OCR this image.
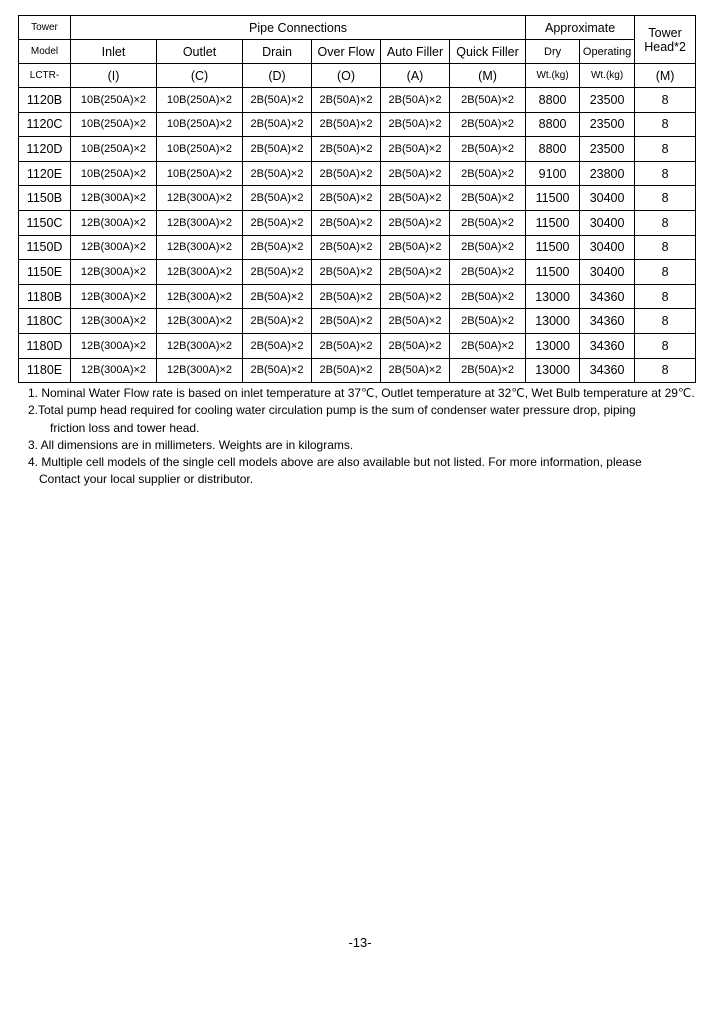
Tower	Pipe Connections						Approximate		Tower
Head*2
Model	Inlet	Outlet	Drain	Over Flow	Auto Filler	Quick Filler	Dry	Operating	
LCTR-	(I)	(C)	(D)	(O)	(A)	(M)	Wt.(kg)	Wt.(kg)	(M)
1120B	10B(250A)×2	10B(250A)×2	2B(50A)×2	2B(50A)×2	2B(50A)×2	2B(50A)×2	8800	23500	8
1120C	10B(250A)×2	10B(250A)×2	2B(50A)×2	2B(50A)×2	2B(50A)×2	2B(50A)×2	8800	23500	8
1120D	10B(250A)×2	10B(250A)×2	2B(50A)×2	2B(50A)×2	2B(50A)×2	2B(50A)×2	8800	23500	8
1120E	10B(250A)×2	10B(250A)×2	2B(50A)×2	2B(50A)×2	2B(50A)×2	2B(50A)×2	9100	23800	8
1150B	12B(300A)×2	12B(300A)×2	2B(50A)×2	2B(50A)×2	2B(50A)×2	2B(50A)×2	11500	30400	8
1150C	12B(300A)×2	12B(300A)×2	2B(50A)×2	2B(50A)×2	2B(50A)×2	2B(50A)×2	11500	30400	8
1150D	12B(300A)×2	12B(300A)×2	2B(50A)×2	2B(50A)×2	2B(50A)×2	2B(50A)×2	11500	30400	8
1150E	12B(300A)×2	12B(300A)×2	2B(50A)×2	2B(50A)×2	2B(50A)×2	2B(50A)×2	11500	30400	8
1180B	12B(300A)×2	12B(300A)×2	2B(50A)×2	2B(50A)×2	2B(50A)×2	2B(50A)×2	13000	34360	8
1180C	12B(300A)×2	12B(300A)×2	2B(50A)×2	2B(50A)×2	2B(50A)×2	2B(50A)×2	13000	34360	8
1180D	12B(300A)×2	12B(300A)×2	2B(50A)×2	2B(50A)×2	2B(50A)×2	2B(50A)×2	13000	34360	8
1180E	12B(300A)×2	12B(300A)×2	2B(50A)×2	2B(50A)×2	2B(50A)×2	2B(50A)×2	13000	34360	8
1. Nominal Water Flow rate is based on inlet temperature at 37℃, Outlet temperature at 32℃, Wet Bulb temperature at 29℃.
2.Total pump head required for cooling water circulation pump is the sum of condenser water pressure drop, piping
friction loss and tower head.
3. All dimensions are in millimeters. Weights are in kilograms.
4. Multiple cell models of the single cell models above are also available but not listed. For more information, please
Contact your local supplier or distributor.
-13-
